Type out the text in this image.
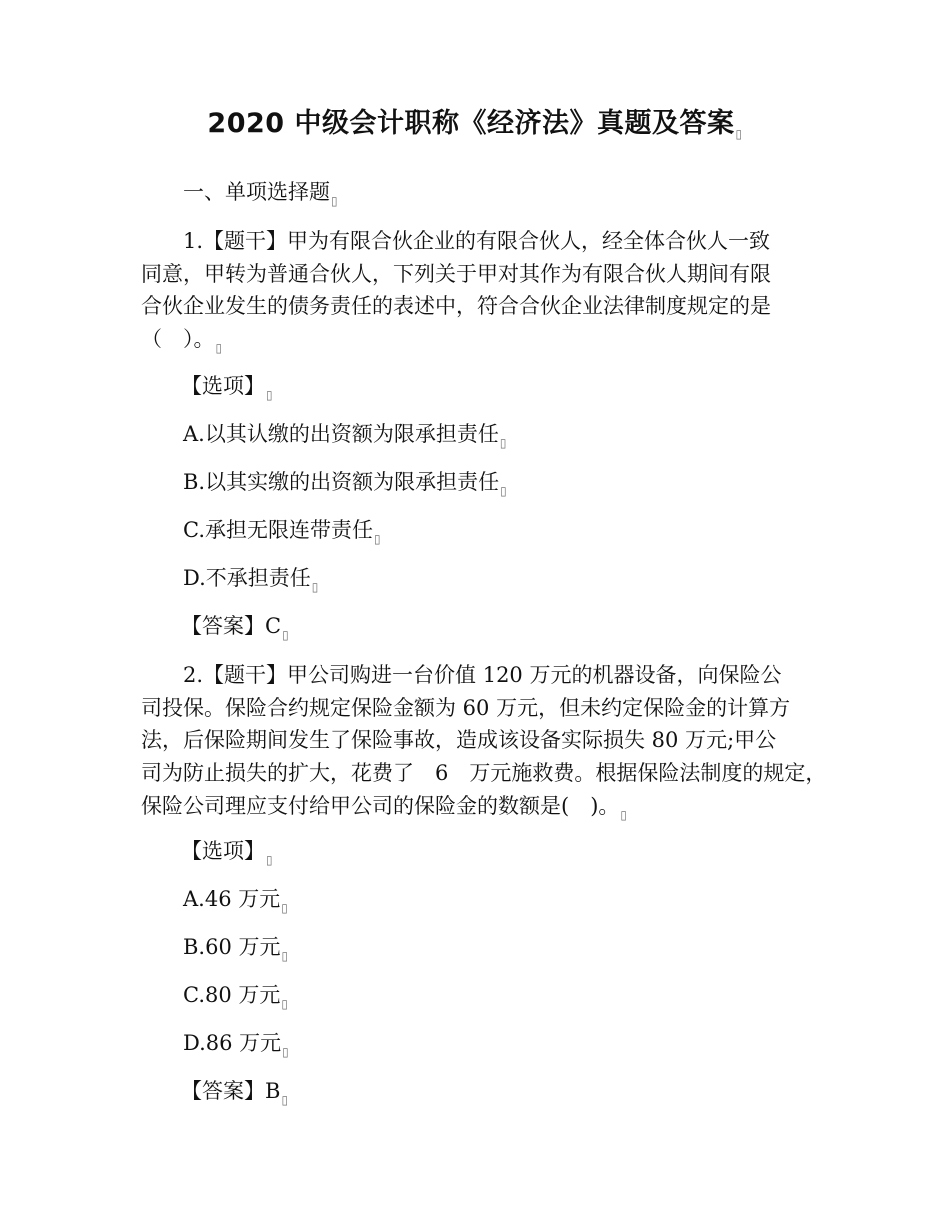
2020 中级会计职称《经济法》真题及答案$_▯$
一、单项选择题$_▯$
1.【题干】甲为有限合伙企业的有限合伙人，经全体合伙人一致
同意，甲转为普通合伙人，下列关于甲对其作为有限合伙人期间有限
合伙企业发生的债务责任的表述中，符合合伙企业法律制度规定的是
（　）。$_▯$
【选项】$_▯$
A.以其认缴的出资额为限承担责任$_▯$
B.以其实缴的出资额为限承担责任$_▯$
C.承担无限连带责任$_▯$
D.不承担责任$_▯$
【答案】$C_▯$
2.【题干】甲公司购进一台价值 120 万元的机器设备，向保险公
司投保。保险合约规定保险金额为 60 万元，但未约定保险金的计算方
法，后保险期间发生了保险事故，造成该设备实际损失 80 万元;甲公
司为防止损失的扩大，花费了　6　万元施救费。根据保险法制度的规定，
保险公司理应支付给甲公司的保险金的数额是(　)。$_▯$
【选项】$_▯$
A.46 万元$_▯$
B.60 万元$_▯$
C.80 万元$_▯$
D.86 万元$_▯$
【答案】$B_▯$
